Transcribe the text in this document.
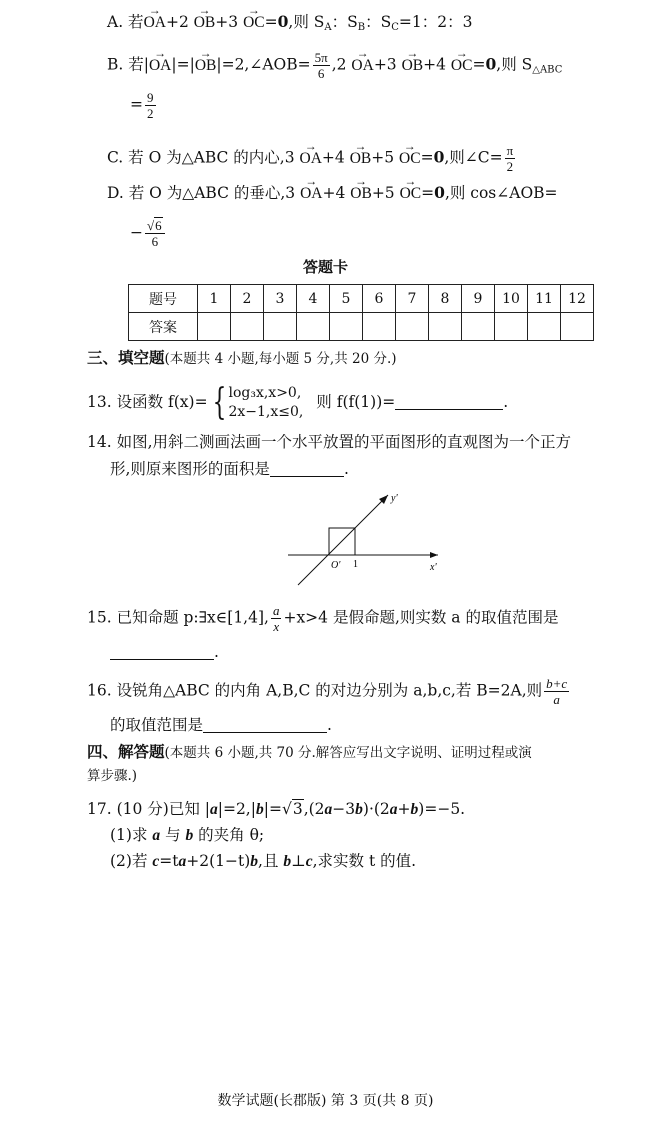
A. 若→ OA+2 → OB+3 → OC=0,则 $S_A$：$S_B$：$S_C=1$：2：3
B. 若|→ OA|=|→ OB|=2,∠AOB= $\frac{5\pi}{6} ,2 \to OA+3 \to OB+4 \to OC=0$,则 $S_{\triangle ABC}$
= $\frac{9}{2}$
C. 若 O 为△ABC 的内心,3 → OA+4 → OB+5 → OC=0,则∠C= $\frac{\pi}{2}$
D. 若 O 为△ABC 的垂心,3 → OA+4 → OB+5 → OC=0,则 cos∠AOB=
− $\frac{√6}{6}$
答题卡
题号	1	2	3	4	5	6	7	8	9	10	11	12
答案												
三、填空题(本题共 4 小题,每小题 5 分,共 20 分.)
13. 设函数 f(x)= { log₃x,x>0,
2x−1,x≤0,
则 f(f(1))=	.
14. 如图,用斜二测画法画一个水平放置的平面图形的直观图为一个正方
形,则原来图形的面积是	.
y'
x'
O' 1
15. 已知命题 p:∃x∈[1,4], $\frac{a}{x} +x>4$ 是假命题,则实数 a 的取值范围是
.
16. 设锐角△ABC 的内角 A,B,C 的对边分别为 a,b,c,若 B=2A,则 $\frac{b+c}{a}$
的取值范围是	.
四、解答题(本题共 6 小题,共 70 分.解答应写出文字说明、证明过程或演
算步骤.)
17. (10 分)已知 |a|=2,|b|=√3,(2a−3b)·(2a+b)=−5.
(1)求 a 与 b 的夹角 θ;
(2)若 c=ta+2(1−t)b,且 b⊥c,求实数 t 的值.
数学试题(长郡版) 第 3 页(共 8 页)
